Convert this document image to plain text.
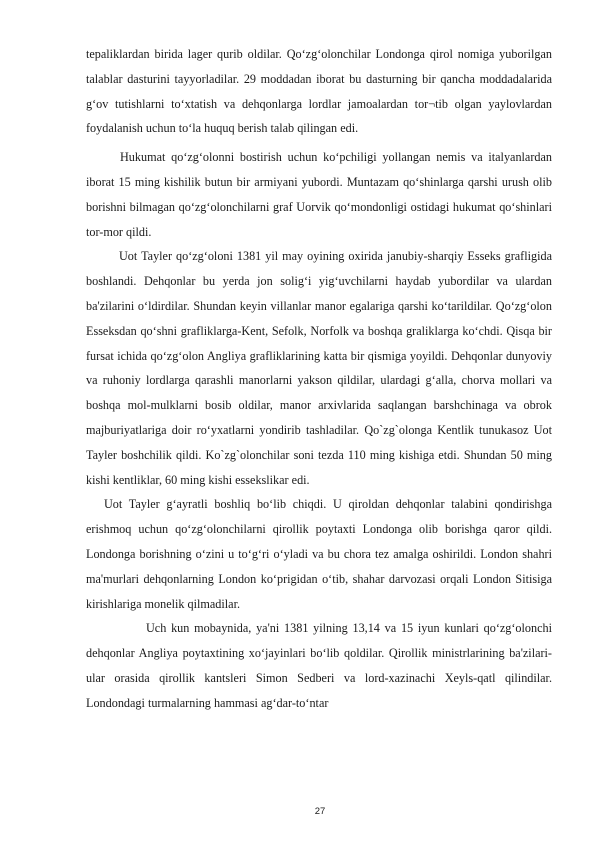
tepaliklardan birida lager qurib oldilar. Qo‘zg‘olonchilar Londonga qirol nomiga yuborilgan talablar dasturini tayyorladilar. 29 moddadan iborat bu dasturning bir qancha moddadalarida g‘ov tutishlarni to‘xtatish va dehqonlarga lordlar jamoalardan tor¬tib olgan yaylovlardan foydalanish uchun to‘la huquq berish talab qilingan edi.

Hukumat qo‘zg‘olonni bostirish uchun ko‘pchiligi yollangan nemis va italyanlardan iborat 15 ming kishilik butun bir armiyani yubordi. Muntazam qo‘shinlarga qarshi urush olib borishni bilmagan qo‘zg‘olonchilarni graf Uorvik qo‘mondonligi ostidagi hukumat qo‘shinlari tor-mor qildi.

Uot Tayler qo‘zg‘oloni 1381 yil may oyining oxirida janubiy-sharqiy Esseks grafligida boshlandi. Dehqonlar bu yerda jon solig‘i yig‘uvchilarni haydab yubordilar va ulardan ba'zilarini o‘ldirdilar. Shundan keyin villanlar manor egalariga qarshi ko‘tarildilar. Qo‘zg‘olon Esseksdan qo‘shni grafliklarga-Kent, Sefolk, Norfolk va boshqa graliklarga ko‘chdi. Qisqa bir fursat ichida qo‘zg‘olon Angliya grafliklarining katta bir qismiga yoyildi. Dehqonlar dunyoviy va ruhoniy lordlarga qarashli manorlarni yakson qildilar, ulardagi g‘alla, chorva mollari va boshqa mol-mulklarni bosib oldilar, manor arxivlarida saqlangan barshchinaga va obrok majburiyatlariga doir ro‘yxatlarni yondirib tashladilar. Qo`zg`olonga Kentlik tunukasoz Uot Tayler boshchilik qildi. Ko`zg`olonchilar soni tezda 110 ming kishiga etdi. Shundan 50 ming kishi kentliklar, 60 ming kishi essekslikar edi.

Uot Tayler g‘ayratli boshliq bo‘lib chiqdi. U qiroldan dehqonlar talabini qondirishga erishmoq uchun qo‘zg‘olonchilarni qirollik poytaxti Londonga olib borishga qaror qildi. Londonga borishning o‘zini u to‘g‘ri o‘yladi va bu chora tez amalga oshirildi. London shahri ma'murlari dehqonlarning London ko‘prigidan o‘tib, shahar darvozasi orqali London Sitisiga kirishlariga monelik qilmadilar.

Uch kun mobaynida, ya'ni 1381 yilning 13,14 va 15 iyun kunlari qo‘zg‘olonchi dehqonlar Angliya poytaxtining xo‘jayinlari bo‘lib qoldilar. Qirollik ministrlarining ba'zilari-ular orasida qirollik kantsleri Simon Sedberi va lord-xazinachi Xeyls-qatl qilindilar. Londondagi turmalarning hammasi ag‘dar-to‘ntar

27
